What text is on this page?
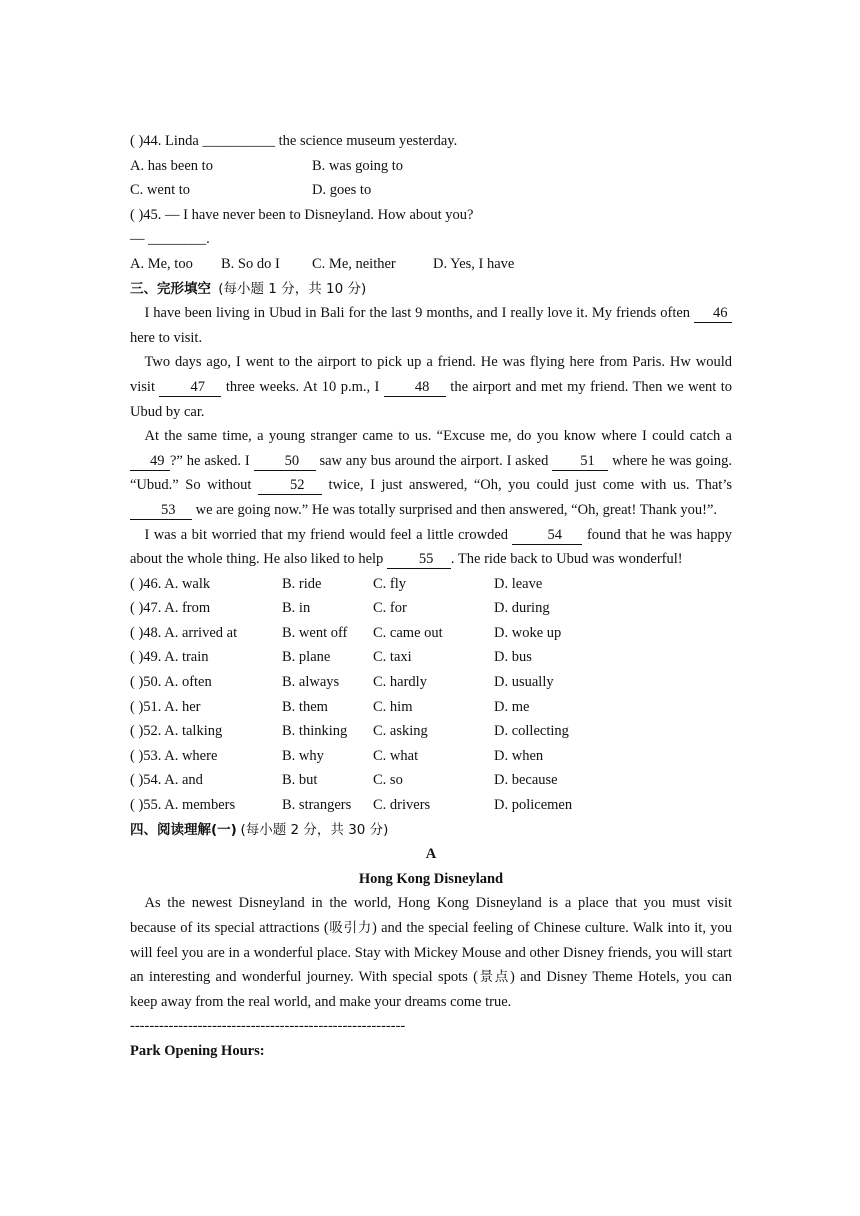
( )44. Linda __________ the science museum yesterday.
A. has been to	B. was going to
C. went to	D. goes to
( )45. — I have never been to Disneyland. How about you?
— ________.
A. Me, too B. So do I C. Me, neither	D. Yes, I have
三、完形填空 (每小题 1 分，共 10 分)
I have been living in Ubud in Bali for the last 9 months, and I really love it. My friends often 46 here to visit.
Two days ago, I went to the airport to pick up a friend. He was flying here from Paris. Hw would visit 47 three weeks. At 10 p.m., I 48 the airport and met my friend. Then we went to Ubud by car.
At the same time, a young stranger came to us. “Excuse me, do you know where I could catch a 49 ?” he asked. I 50 saw any bus around the airport. I asked 51 where he was going. “Ubud.” So without	52 twice, I just answered, “Oh, you could just come with us. That’s 53 we are going now.” He was totally surprised and then answered, “Oh, great! Thank you!”.
I was a bit worried that my friend would feel a little crowded	54 found that he was happy about the whole thing. He also liked to help 55 . The ride back to Ubud was wonderful!
( )46. A. walk	B. ride	C. fly	D. leave
( )47. A. from	B. in	C. for	D. during
( )48. A. arrived at	B. went off C. came out	D. woke up
( )49. A. train	B. plane	C. taxi	D. bus
( )50. A. often	B. always C. hardly	D. usually
( )51. A. her	B. them	C. him	D. me
( )52. A. talking	B. thinking C. asking	D. collecting
( )53. A. where	B. why	C. what	D. when
( )54. A. and	B. but	C. so	D. because
( )55. A. members	B. strangers C. drivers	D. policemen
四、阅读理解(一) (每小题 2 分，共 30 分)
A
Hong Kong Disneyland
As the newest Disneyland in the world, Hong Kong Disneyland is a place that you must visit because of its special attractions (吸引力) and the special feeling of Chinese culture. Walk into it, you will feel you are in a wonderful place. Stay with Mickey Mouse and other Disney friends, you will start an interesting and wonderful journey. With special spots (景点) and Disney Theme Hotels, you can keep away from the real world, and make your dreams come true.
---------------------------------------------------------
Park Opening Hours:
